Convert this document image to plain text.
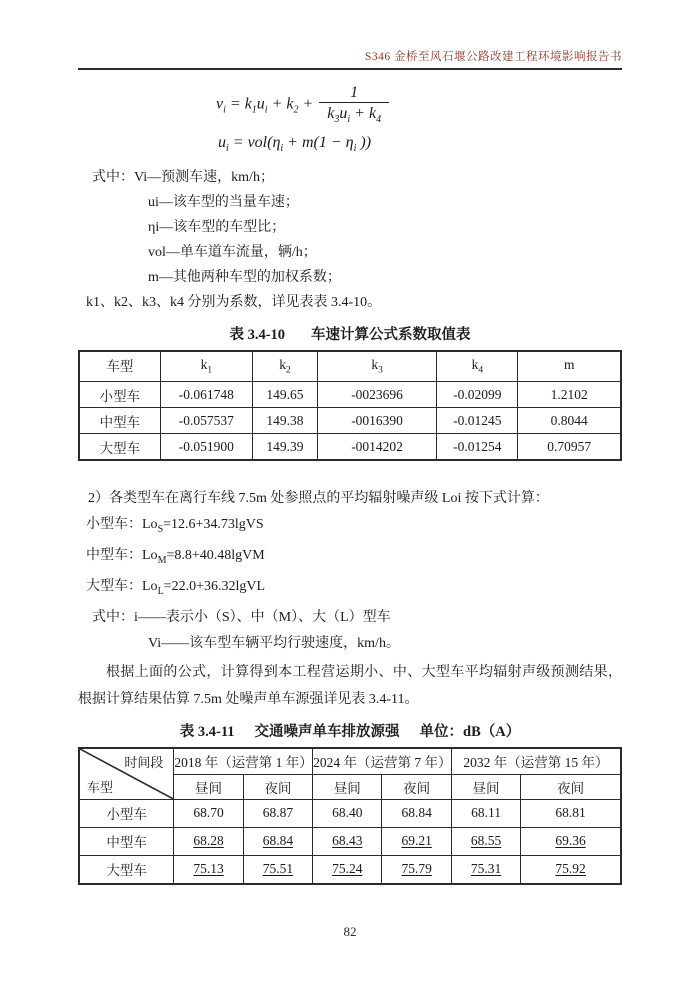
S346 金桥至风石堰公路改建工程环境影响报告书
$v_i = k_1u_i + k_2 + \frac{1}{k_3u_i + k_4}$
$u_i = vol(\eta_i + m(1 - \eta_i$ ))
式中：Vi—预测车速，km/h；
ui—该车型的当量车速；
ηi—该车型的车型比；
vol—单车道车流量，辆/h；
m—其他两种车型的加权系数；
k1、k2、k3、k4 分别为系数，详见表表 3.4-10。
表 3.4-10 车速计算公式系数取值表
车型	$k_1$	$k_2$	$k_3$	$k_4$	m
小型车	-0.061748	149.65	-0023696	-0.02099	1.2102
中型车	-0.057537	149.38	-0016390	-0.01245	0.8044
大型车	-0.051900	149.39	-0014202	-0.01254	0.70957
2）各类型车在离行车线 7.5m 处参照点的平均辐射噪声级 Loi 按下式计算：
小型车：$Lo_S=12.6+34.73lgVS$
中型车：$Lo_M=8.8+40.48lgVM$
大型车：$Lo_L=22.0+36.32lgVL$
式中：i——表示小（S）、中（M）、大（L）型车
Vi——该车型车辆平均行驶速度，km/h。
根据上面的公式，计算得到本工程营运期小、中、大型车平均辐射声级预测结果，根据计算结果估算 7.5m 处噪声单车源强详见表 3.4-11。
表 3.4-11 交通噪声单车排放源强 单位：dB（A）
时间段
车型	2018 年（运营第 1 年）		2024 年（运营第 7 年）		2032 年（运营第 15 年）	
	昼间	夜间	昼间	夜间	昼间	夜间
小型车	68.70	68.87	68.40	68.84	68.11	68.81
中型车	68.28	68.84	68.43	69.21	68.55	69.36
大型车	75.13	75.51	75.24	75.79	75.31	75.92
82
